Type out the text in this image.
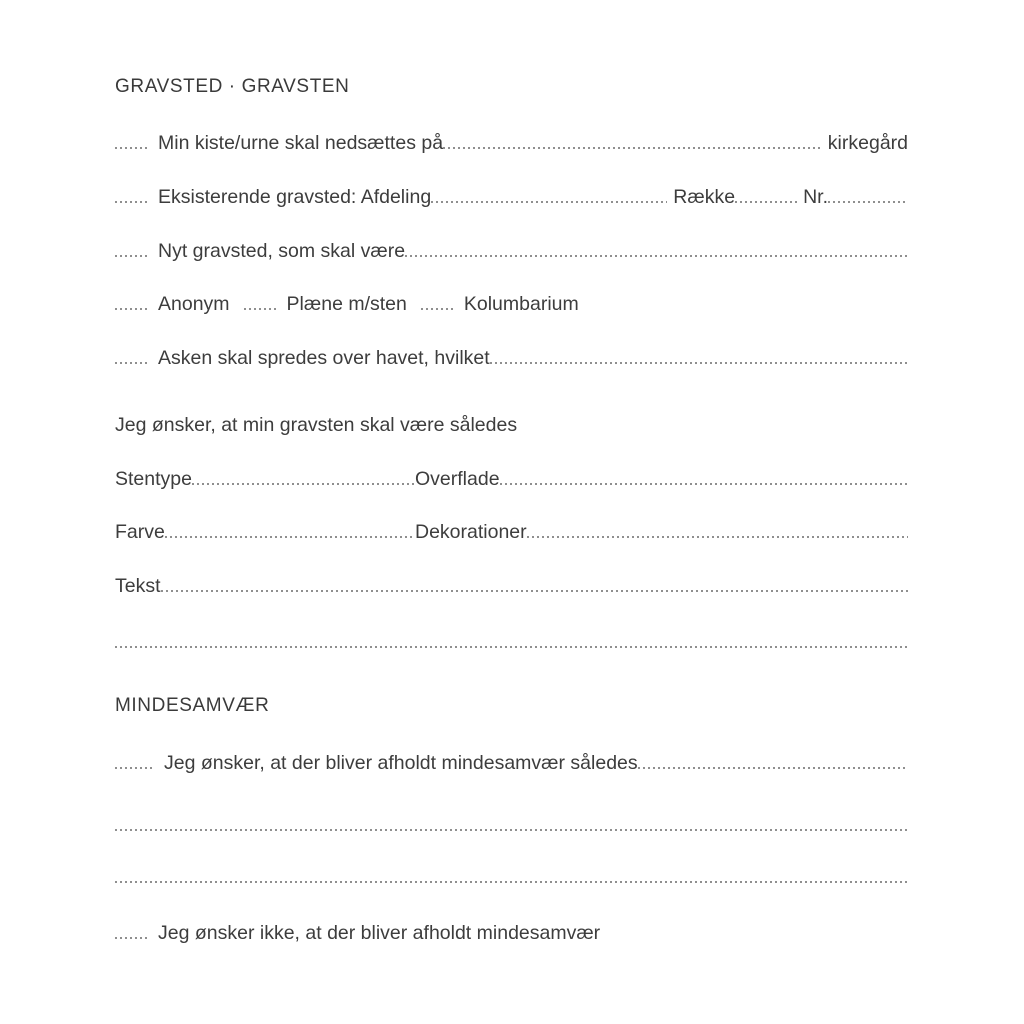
GRAVSTED · GRAVSTEN
Min kiste/urne skal nedsættes på	kirkegård
Eksisterende gravsted: Afdeling	Række	Nr.
Nyt gravsted, som skal være
Anonym	Plæne m/sten	Kolumbarium
Asken skal spredes over havet, hvilket
Jeg ønsker, at min gravsten skal være således
Stentype	Overflade
Farve	Dekorationer
Tekst
MINDESAMVÆR
Jeg ønsker, at der bliver afholdt mindesamvær således
Jeg ønsker ikke, at der bliver afholdt mindesamvær
